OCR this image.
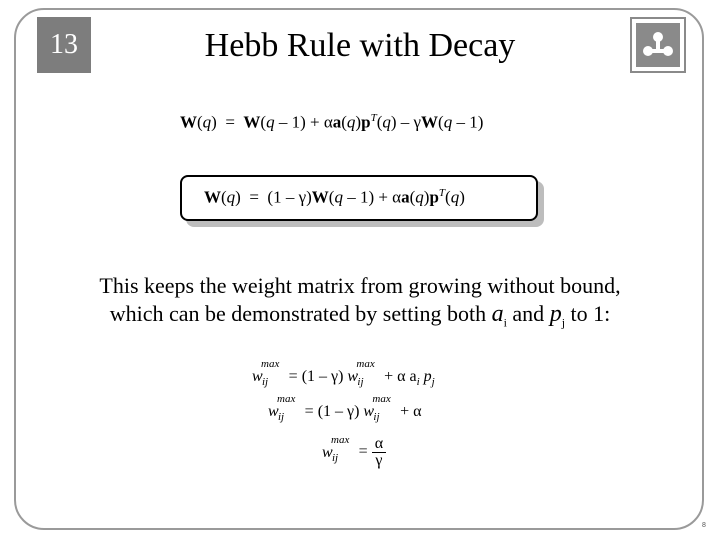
13	Hebb Rule with Decay
$W(q) = W(q - 1) + \alpha a(q)p^T(q) - \gamma W(q - 1)$
$W(q) = (1 - \gamma)W(q - 1) + \alpha a(q)p^T(q)$
This keeps the weight matrix from growing without bound,
which can be demonstrated by setting both $a_i$ and $p_j$ to 1:
w
max
ij = (1 – γ) w
max
ij + α $a_i$ $p_j$
w
max
ij = (1 – γ) w
max
ij + α
w
max
ij = $\frac{\alpha}{\gamma}$
8
